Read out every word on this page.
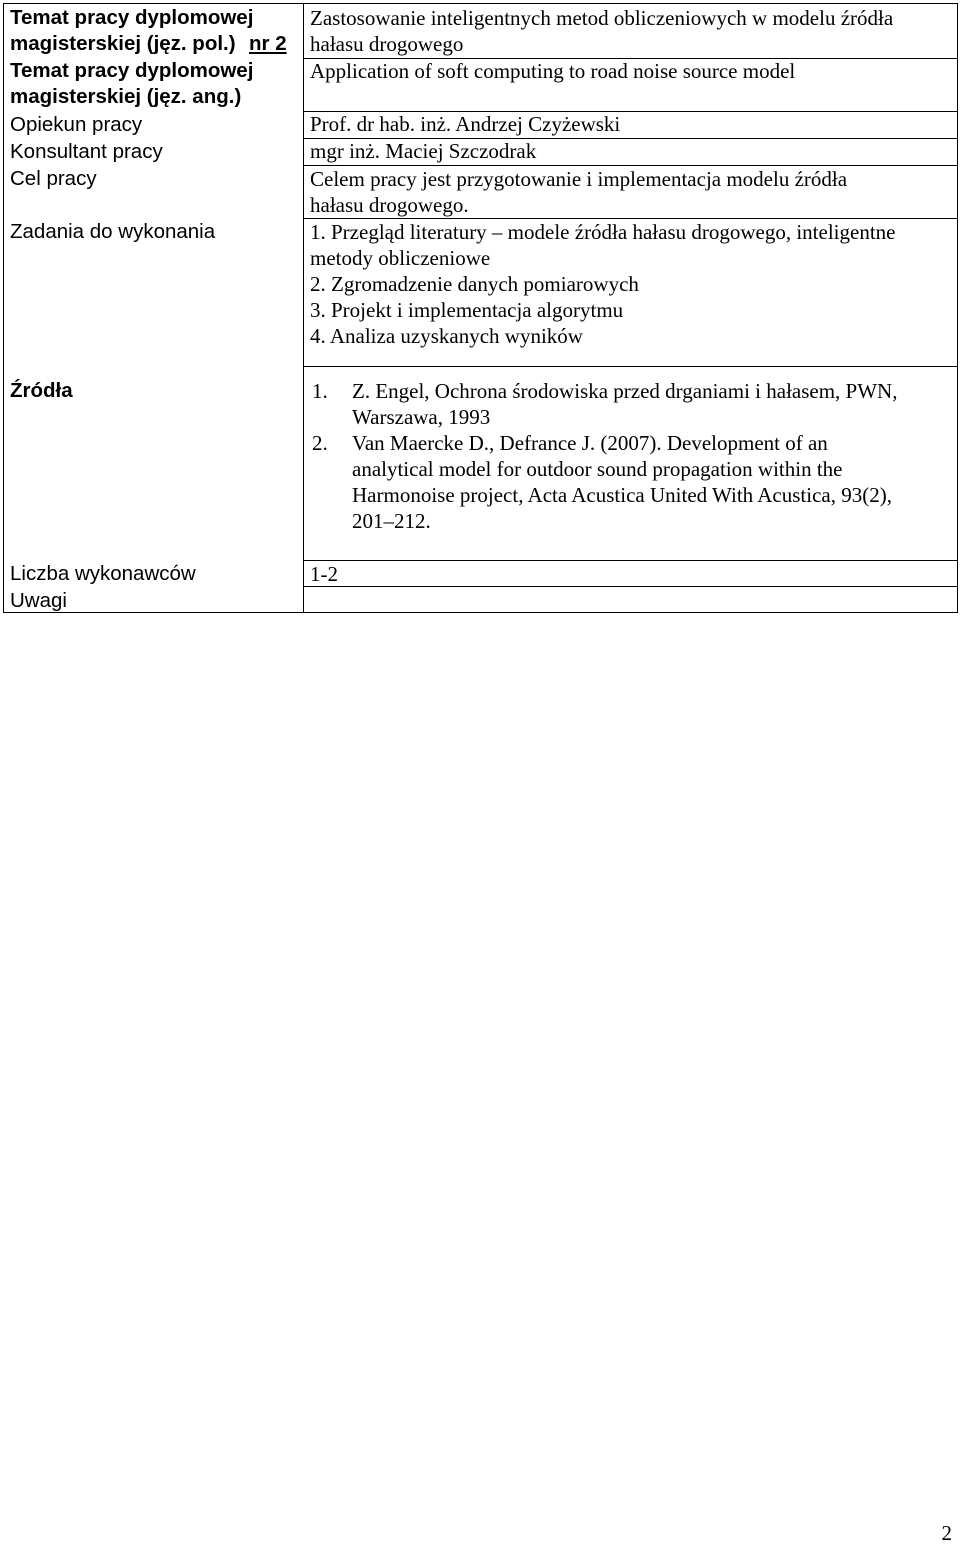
Temat pracy dyplomowej
magisterskiej (jęz. pol.) nr 2
Temat pracy dyplomowej
magisterskiej (jęz. ang.)
Opiekun pracy
Konsultant pracy
Cel pracy
Zadania do wykonania
Źródła
Liczba wykonawców
Uwagi
Zastosowanie inteligentnych metod obliczeniowych w modelu źródła
hałasu drogowego
Application of soft computing to road noise source model
Prof. dr hab. inż. Andrzej Czyżewski
mgr inż. Maciej Szczodrak
Celem pracy jest przygotowanie i implementacja modelu źródła
hałasu drogowego.
1. Przegląd literatury – modele źródła hałasu drogowego, inteligentne
metody obliczeniowe
2. Zgromadzenie danych pomiarowych
3. Projekt i implementacja algorytmu
4. Analiza uzyskanych wyników
1. Z. Engel, Ochrona środowiska przed drganiami i hałasem, PWN,
Warszawa, 1993
2. Van Maercke D., Defrance J. (2007). Development of an
analytical model for outdoor sound propagation within the
Harmonoise project, Acta Acustica United With Acustica, 93(2),
201–212.
1-2
2
